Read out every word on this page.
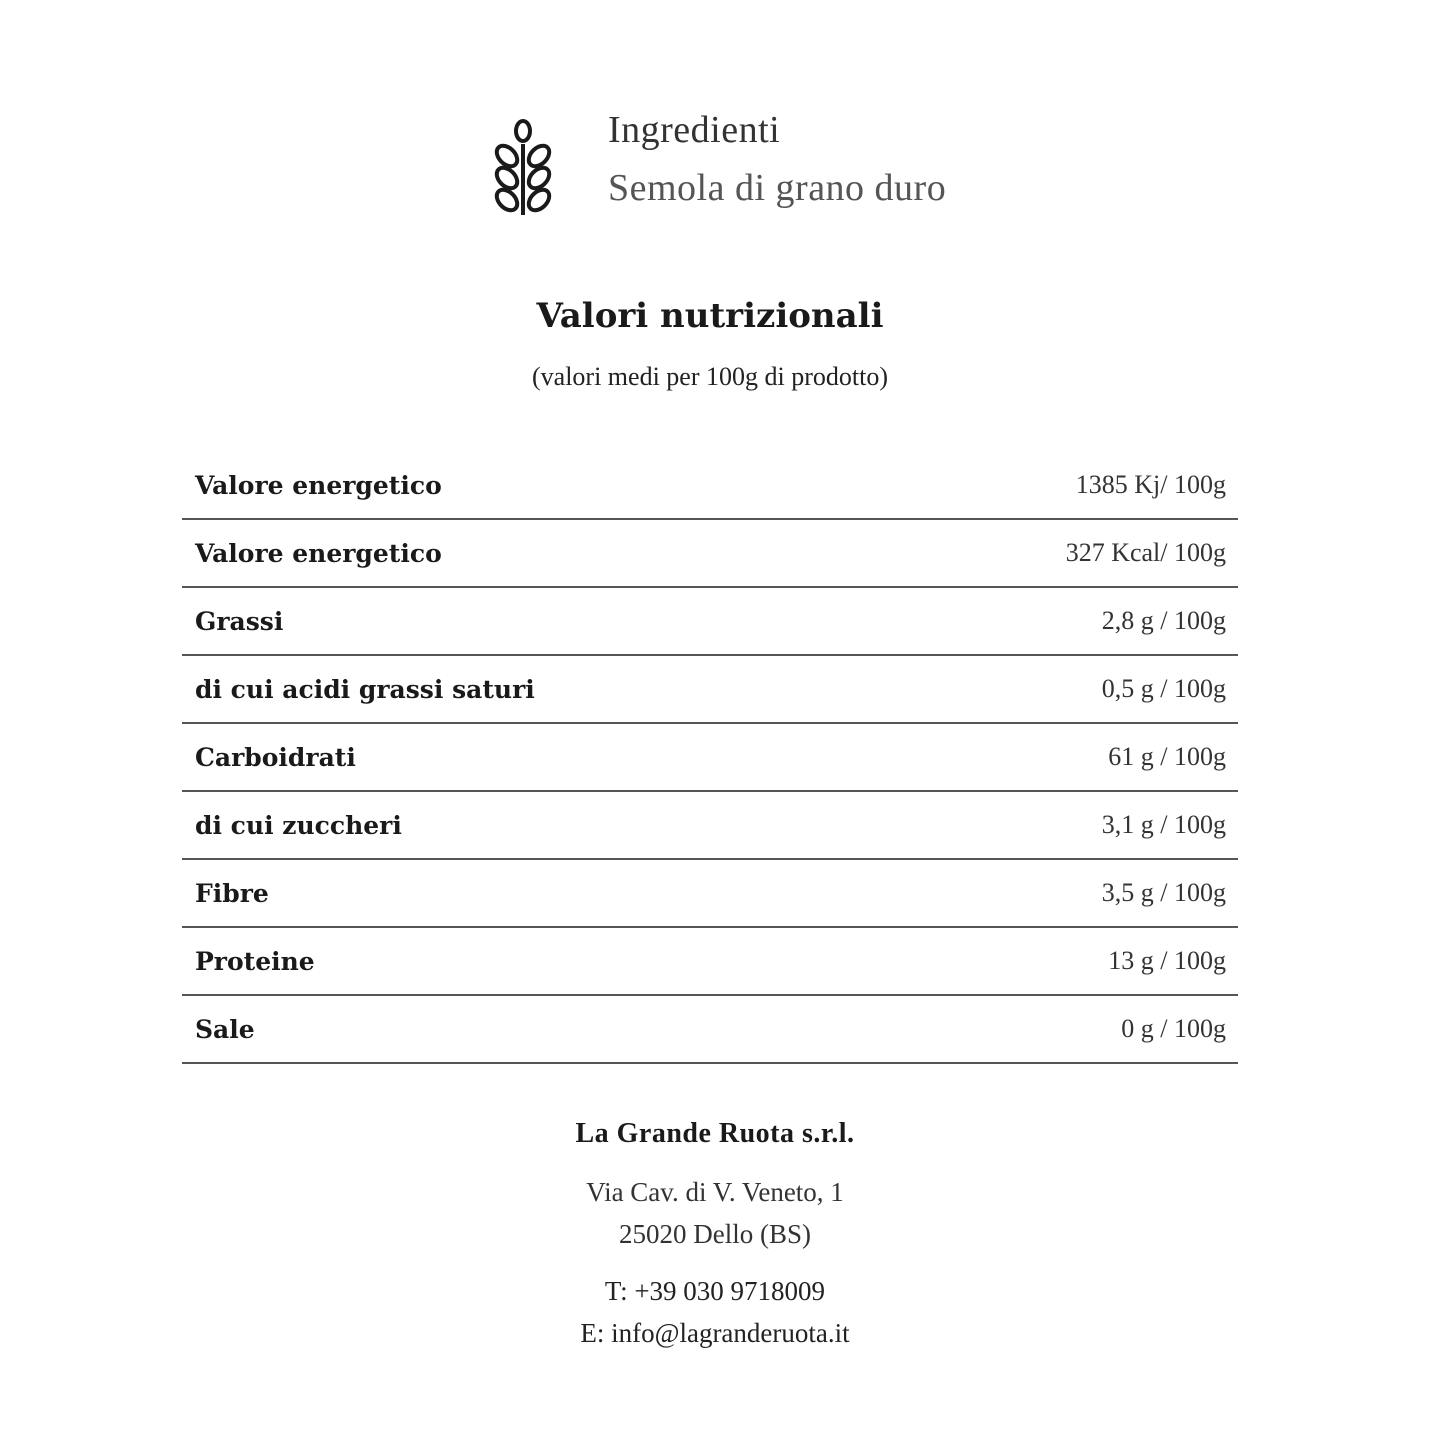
Ingredienti
Semola di grano duro
Valori nutrizionali
(valori medi per 100g di prodotto)
Valore energetico	1385 Kj/ 100g
Valore energetico	327 Kcal/ 100g
Grassi	2,8 g / 100g
di cui acidi grassi saturi	0,5 g / 100g
Carboidrati	61 g / 100g
di cui zuccheri	3,1 g / 100g
Fibre	3,5 g / 100g
Proteine	13 g / 100g
Sale	0 g / 100g
La Grande Ruota s.r.l.
Via Cav. di V. Veneto, 1
25020 Dello (BS)
T: +39 030 9718009
E: info@lagranderuota.it
